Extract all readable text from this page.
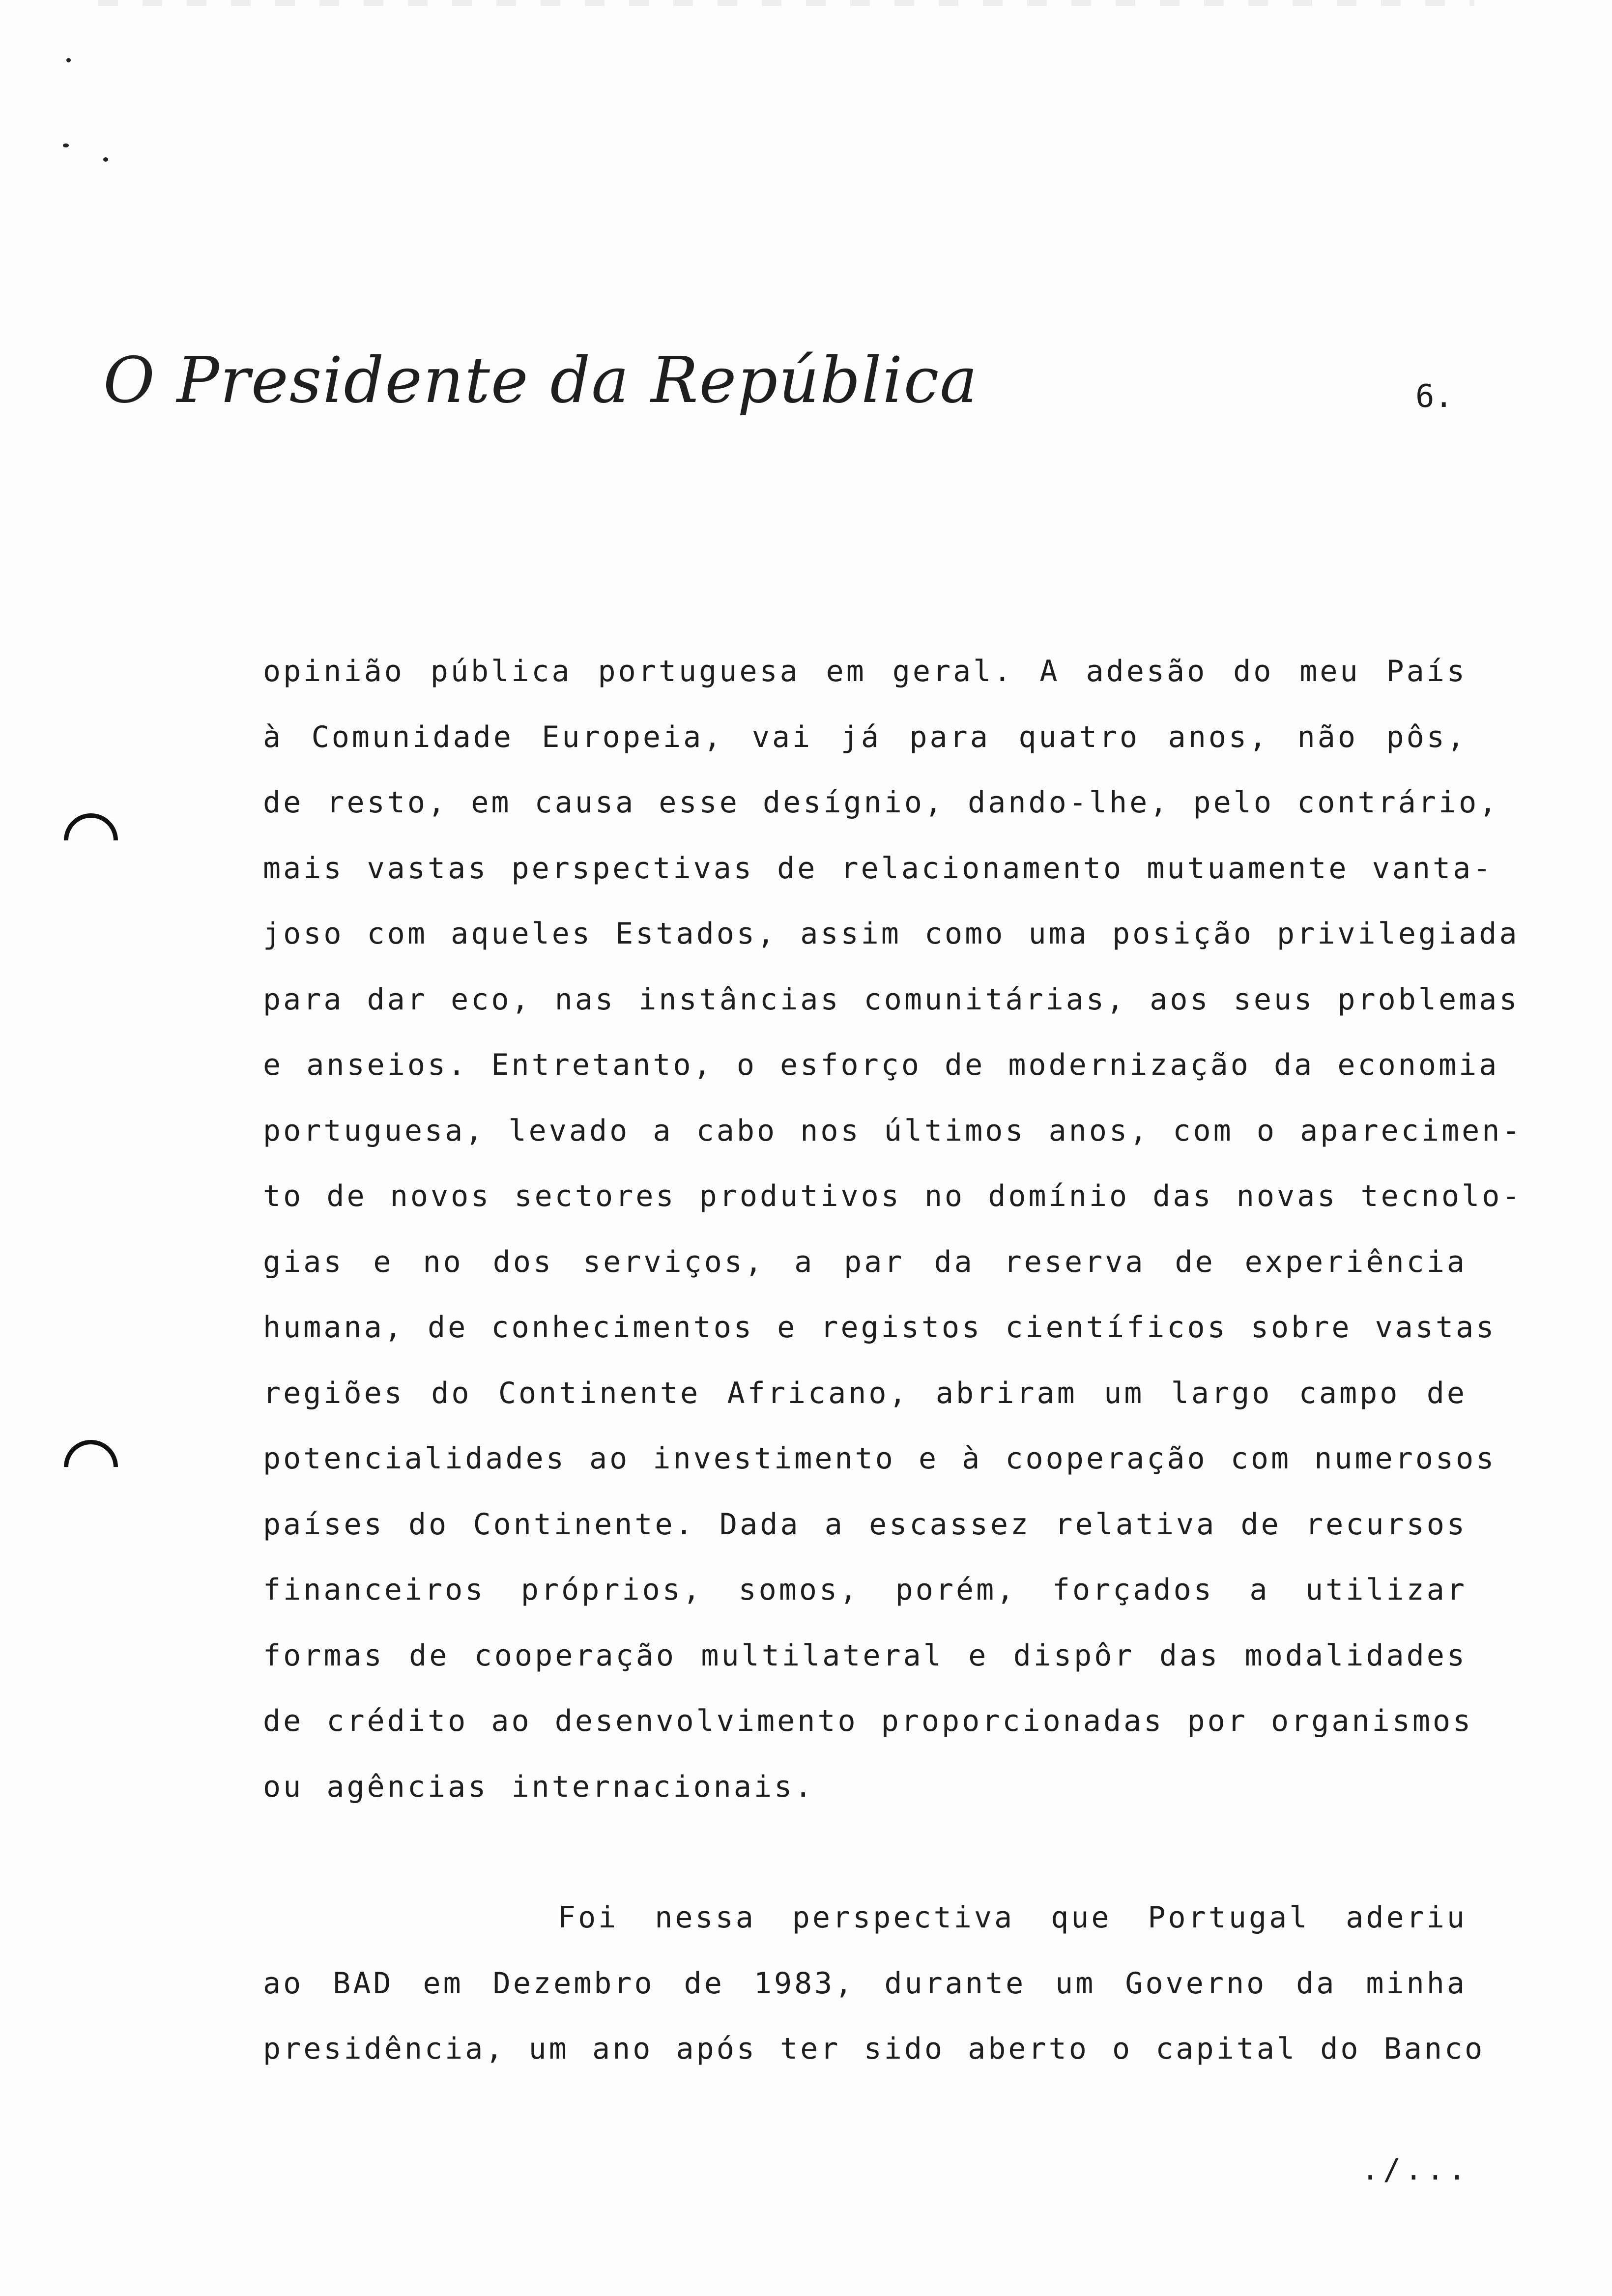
O Presidente da República	6.
opinião pública portuguesa em geral. A adesão do meu País
à Comunidade Europeia, vai já para quatro anos, não pôs,
de resto, em causa esse desígnio, dando-lhe, pelo contrário,
mais vastas perspectivas de relacionamento mutuamente vanta-
joso com aqueles Estados, assim como uma posição privilegiada
para dar eco, nas instâncias comunitárias, aos seus problemas
e anseios. Entretanto, o esforço de modernização da economia
portuguesa, levado a cabo nos últimos anos, com o aparecimen-
to de novos sectores produtivos no domínio das novas tecnolo-
gias e no dos serviços, a par da reserva de experiência
humana, de conhecimentos e registos científicos sobre vastas
regiões do Continente Africano, abriram um largo campo de
potencialidades ao investimento e à cooperação com numerosos
países do Continente. Dada a escassez relativa de recursos
financeiros próprios, somos, porém, forçados a utilizar
formas de cooperação multilateral e dispôr das modalidades
de crédito ao desenvolvimento proporcionadas por organismos
ou agências internacionais.
Foi nessa perspectiva que Portugal aderiu
ao BAD em Dezembro de 1983, durante um Governo da minha
presidência, um ano após ter sido aberto o capital do Banco
./...
